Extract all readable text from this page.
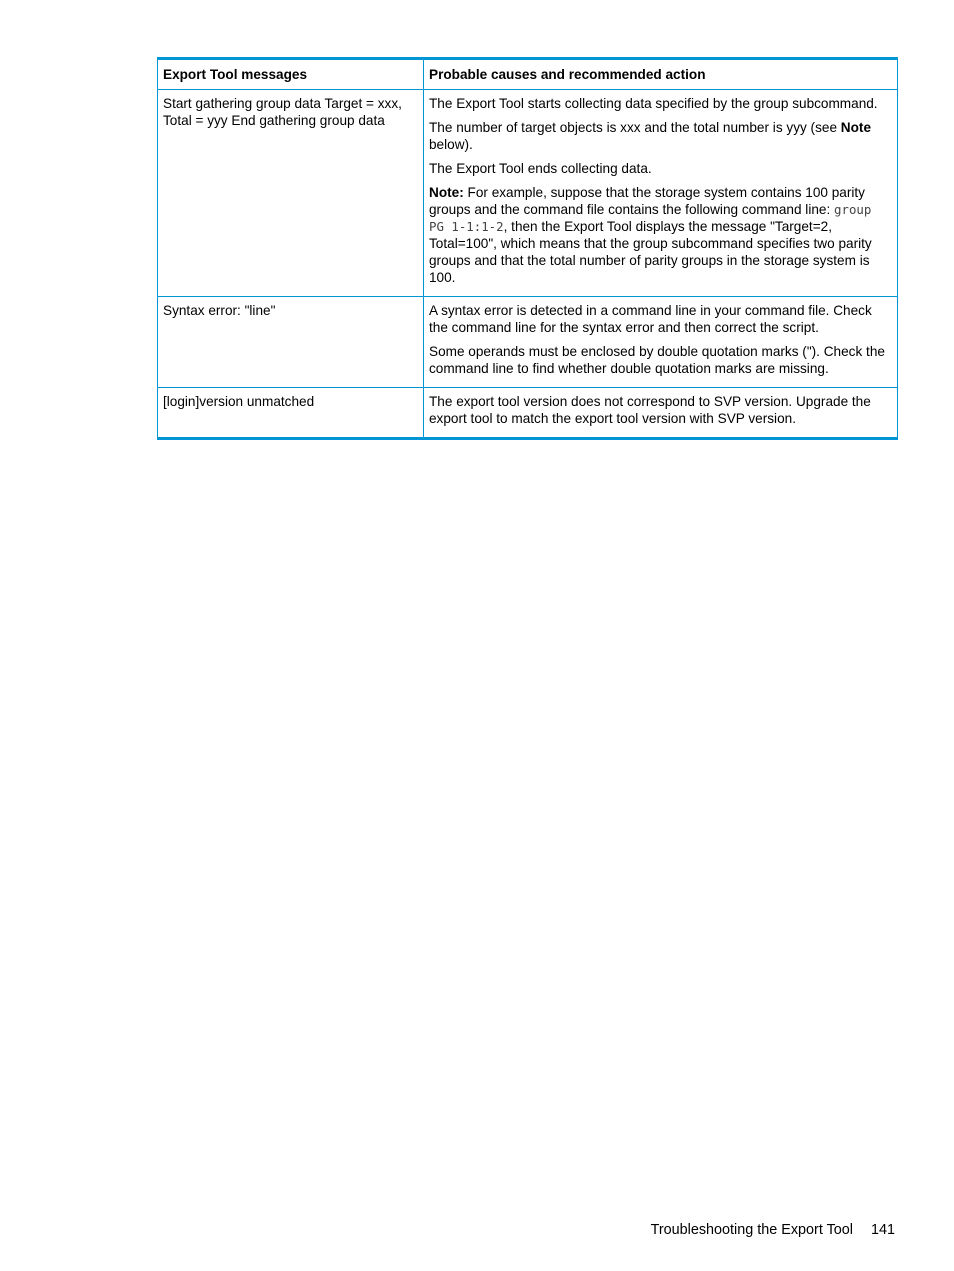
Export Tool messages	Probable causes and recommended action
Start gathering group data Target = xxx, Total = yyy End gathering group data	The Export Tool starts collecting data specified by the group subcommand.

The number of target objects is xxx and the total number is yyy (see Note below).

The Export Tool ends collecting data.

Note: For example, suppose that the storage system contains 100 parity groups and the command file contains the following command line: group PG 1-1:1-2, then the Export Tool displays the message "Target=2, Total=100", which means that the group subcommand specifies two parity groups and that the total number of parity groups in the storage system is 100.

Syntax error: "line"	A syntax error is detected in a command line in your command file. Check the command line for the syntax error and then correct the script.

Some operands must be enclosed by double quotation marks ("). Check the command line to find whether double quotation marks are missing.

[login]version unmatched	The export tool version does not correspond to SVP version. Upgrade the export tool to match the export tool version with SVP version.

Troubleshooting the Export Tool 141
